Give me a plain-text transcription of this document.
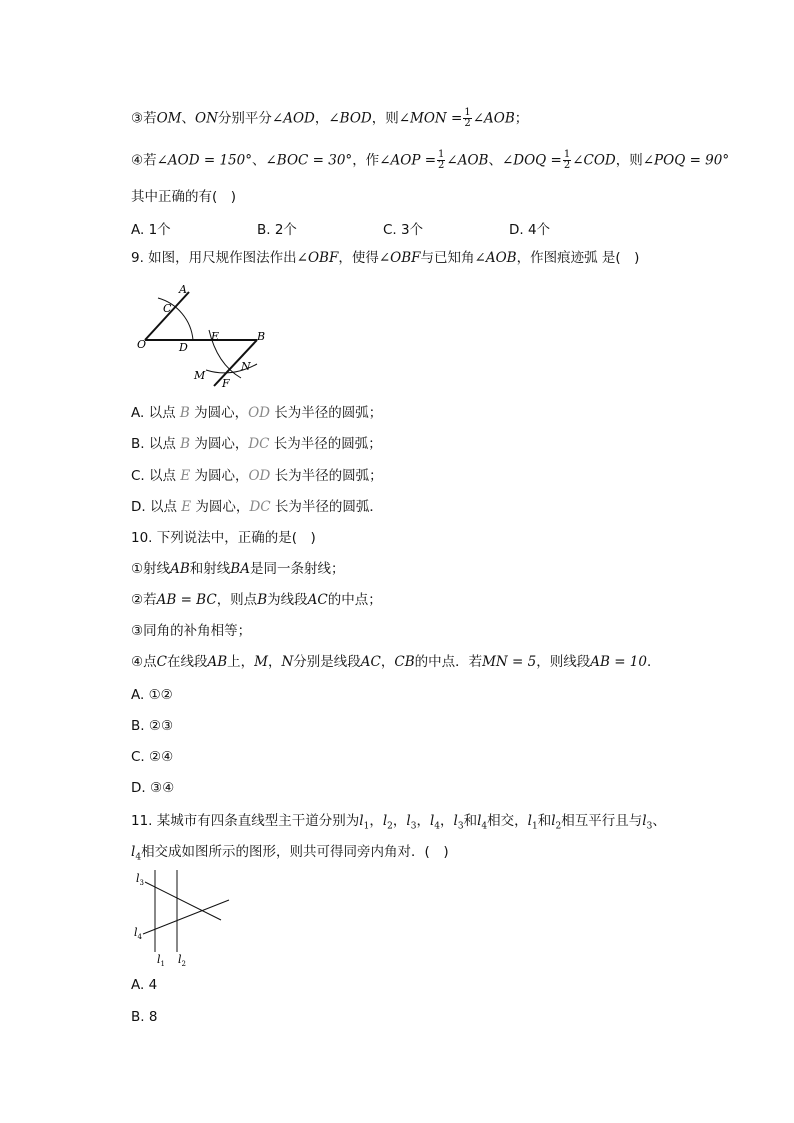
③若OM、ON分别平分∠AOD，∠BOD，则∠MON = $\frac{1}{2}$ ∠AOB；
④若∠AOD = 150°、∠BOC = 30°，作∠AOP = $\frac{1}{2}$ ∠AOB、∠DOQ = $\frac{1}{2}$ ∠COD，则∠POQ = 90°
其中正确的有(　)
A. 1个	B. 2个	C. 3个	D. 4个
9. 如图，用尺规作图法作出∠OBF，使得∠OBF与已知角∠AOB，作图痕迹弧 是(　)
A
C
O	D
E	B
M
N
F
A. 以点 B 为圆心，OD 长为半径的圆弧；
B. 以点 B 为圆心，DC 长为半径的圆弧；
C. 以点 E 为圆心，OD 长为半径的圆弧；
D. 以点 E 为圆心，DC 长为半径的圆弧．
10. 下列说法中，正确的是(　)
①射线AB和射线BA是同一条射线；
②若AB = BC，则点B为线段AC的中点；
③同角的补角相等；
④点C在线段AB上，M，N分别是线段AC，CB的中点．若MN = 5，则线段AB = 10．
A. ①②
B. ②③
C. ②④
D. ③④
11. 某城市有四条直线型主干道分别为$l_1$，$l_2$，$l_3$，$l_4$，$l_3$和$l_4$相交，$l_1$和$l_2$相互平行且与$l_3$、
$l_4$相交成如图所示的图形，则共可得同旁内角对．(　)
$l_3$
$l_4$
$l_1$ $l_2$
A. 4
B. 8
